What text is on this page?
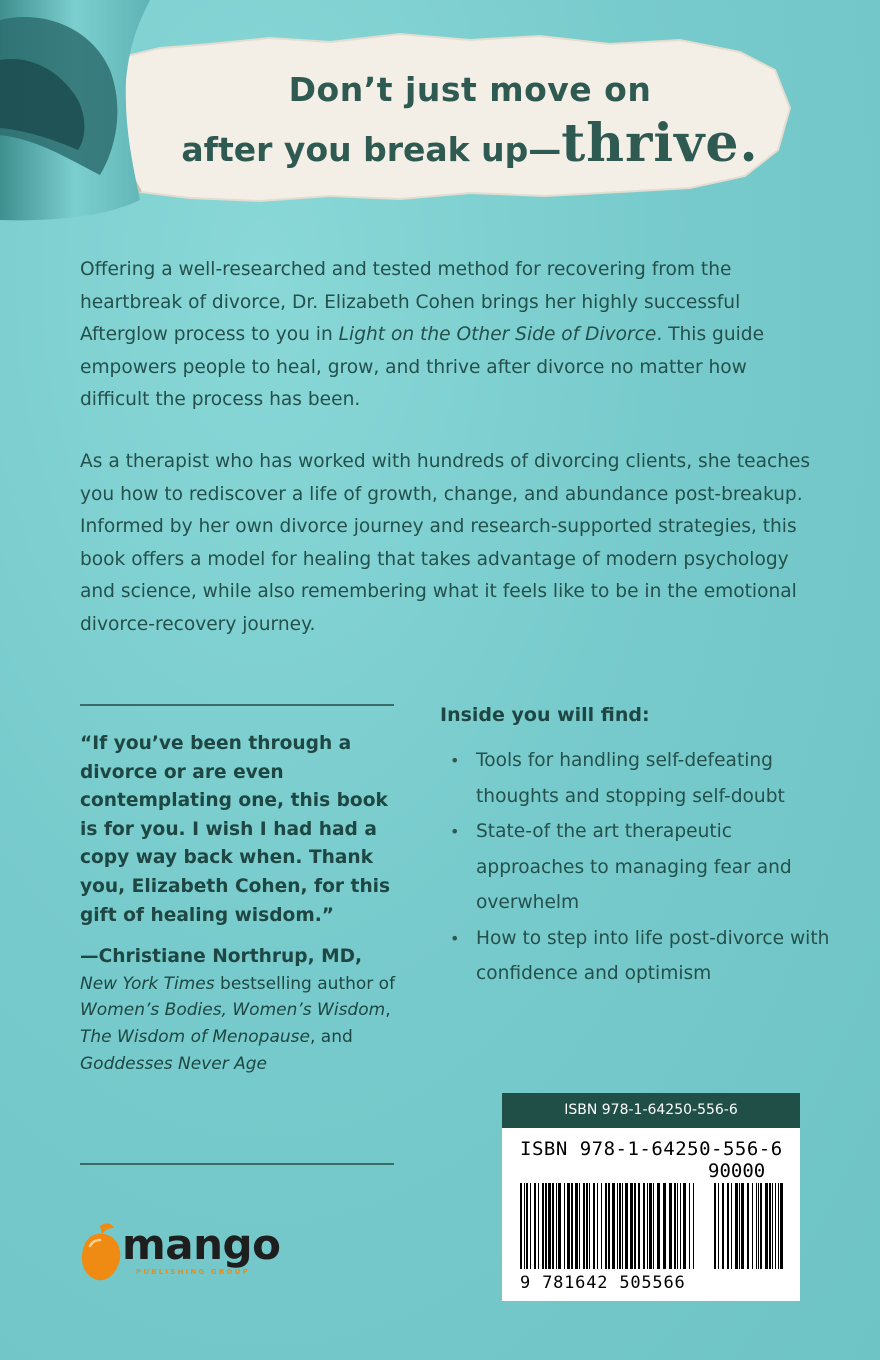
Don’t just move on
after you break up—thrive.
Offering a well-researched and tested method for recovering from the heartbreak of divorce, Dr. Elizabeth Cohen brings her highly successful Afterglow process to you in Light on the Other Side of Divorce. This guide empowers people to heal, grow, and thrive after divorce no matter how difficult the process has been.
As a therapist who has worked with hundreds of divorcing clients, she teaches you how to rediscover a life of growth, change, and abundance post-breakup. Informed by her own divorce journey and research-supported strategies, this book offers a model for healing that takes advantage of modern psychology and science, while also remembering what it feels like to be in the emotional divorce-recovery journey.
“If you’ve been through a divorce or are even contemplating one, this book is for you. I wish I had had a copy way back when. Thank you, Elizabeth Cohen, for this gift of healing wisdom.”
—Christiane Northrup, MD,
New York Times bestselling author of Women’s Bodies, Women’s Wisdom, The Wisdom of Menopause, and Goddesses Never Age
Inside you will find:
• Tools for handling self-defeating thoughts and stopping self-doubt
• State-of the art therapeutic approaches to managing fear and overwhelm
• How to step into life post-divorce with confidence and optimism
mango
PUBLISHING GROUP
ISBN 978-1-64250-556-6
ISBN 978-1-64250-556-6
90000
9 781642 505566
